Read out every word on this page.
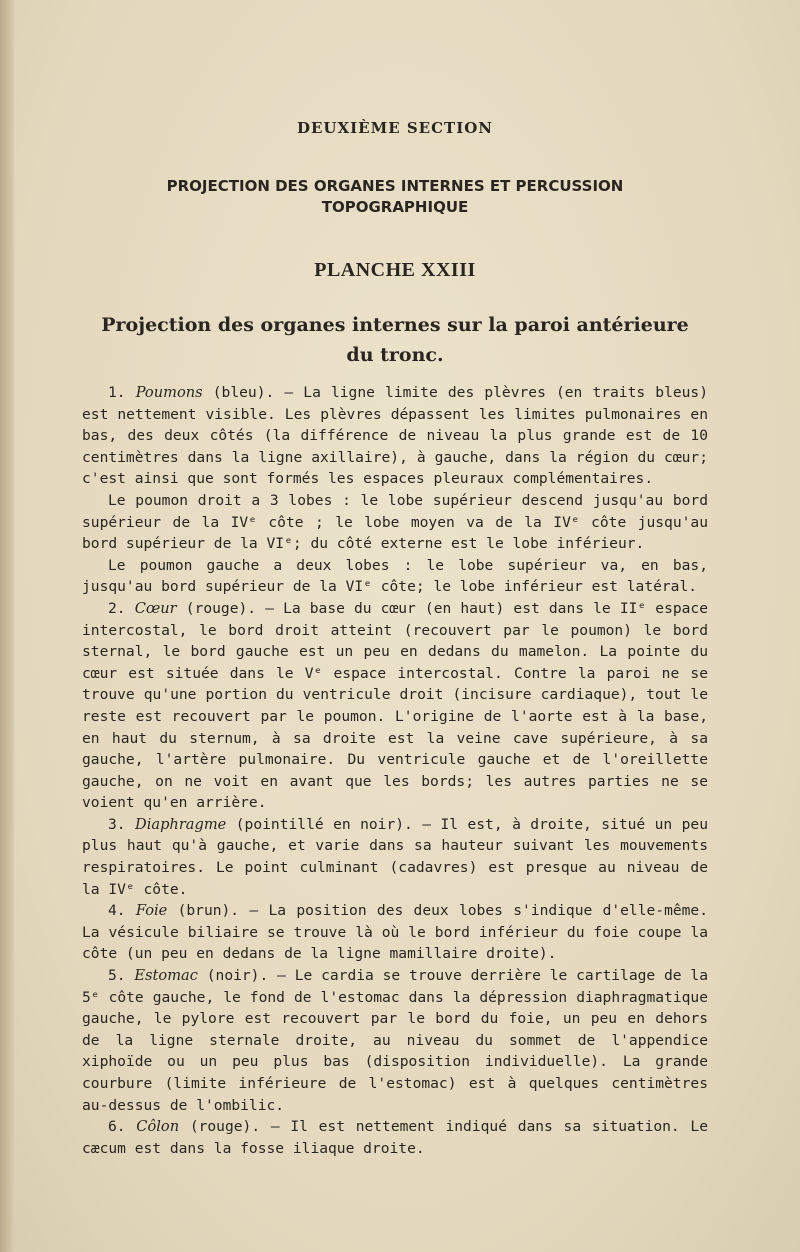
DEUXIÈME SECTION
PROJECTION DES ORGANES INTERNES ET PERCUSSION
TOPOGRAPHIQUE
PLANCHE XXIII
Projection des organes internes sur la paroi antérieure
du tronc.

1. Poumons (bleu). — La ligne limite des plèvres (en traits bleus) est nettement visible. Les plèvres dépassent les limites pulmonaires en bas, des deux côtés (la différence de niveau la plus grande est de 10 centimètres dans la ligne axillaire), à gauche, dans la région du cœur; c'est ainsi que sont formés les espaces pleuraux complémentaires.

Le poumon droit a 3 lobes : le lobe supérieur descend jusqu'au bord supérieur de la IVᵉ côte ; le lobe moyen va de la IVᵉ côte jusqu'au bord supérieur de la VIᵉ; du côté externe est le lobe inférieur.

Le poumon gauche a deux lobes : le lobe supérieur va, en bas, jusqu'au bord supérieur de la VIᵉ côte; le lobe inférieur est latéral.

2. Cœur (rouge). — La base du cœur (en haut) est dans le IIᵉ espace intercostal, le bord droit atteint (recouvert par le poumon) le bord sternal, le bord gauche est un peu en dedans du mamelon. La pointe du cœur est située dans le Vᵉ espace intercostal. Contre la paroi ne se trouve qu'une portion du ventricule droit (incisure cardiaque), tout le reste est recouvert par le poumon. L'origine de l'aorte est à la base, en haut du sternum, à sa droite est la veine cave supérieure, à sa gauche, l'artère pulmonaire. Du ventricule gauche et de l'oreillette gauche, on ne voit en avant que les bords; les autres parties ne se voient qu'en arrière.

3. Diaphragme (pointillé en noir). — Il est, à droite, situé un peu plus haut qu'à gauche, et varie dans sa hauteur suivant les mouvements respiratoires. Le point culminant (cadavres) est presque au niveau de la IVᵉ côte.

4. Foie (brun). — La position des deux lobes s'indique d'elle-même. La vésicule biliaire se trouve là où le bord inférieur du foie coupe la côte (un peu en dedans de la ligne mamillaire droite).

5. Estomac (noir). — Le cardia se trouve derrière le cartilage de la 5ᵉ côte gauche, le fond de l'estomac dans la dépression diaphragmatique gauche, le pylore est recouvert par le bord du foie, un peu en dehors de la ligne sternale droite, au niveau du sommet de l'appendice xiphoïde ou un peu plus bas (disposition individuelle). La grande courbure (limite inférieure de l'estomac) est à quelques centimètres au-dessus de l'ombilic.

6. Côlon (rouge). — Il est nettement indiqué dans sa situation. Le cæcum est dans la fosse iliaque droite.
